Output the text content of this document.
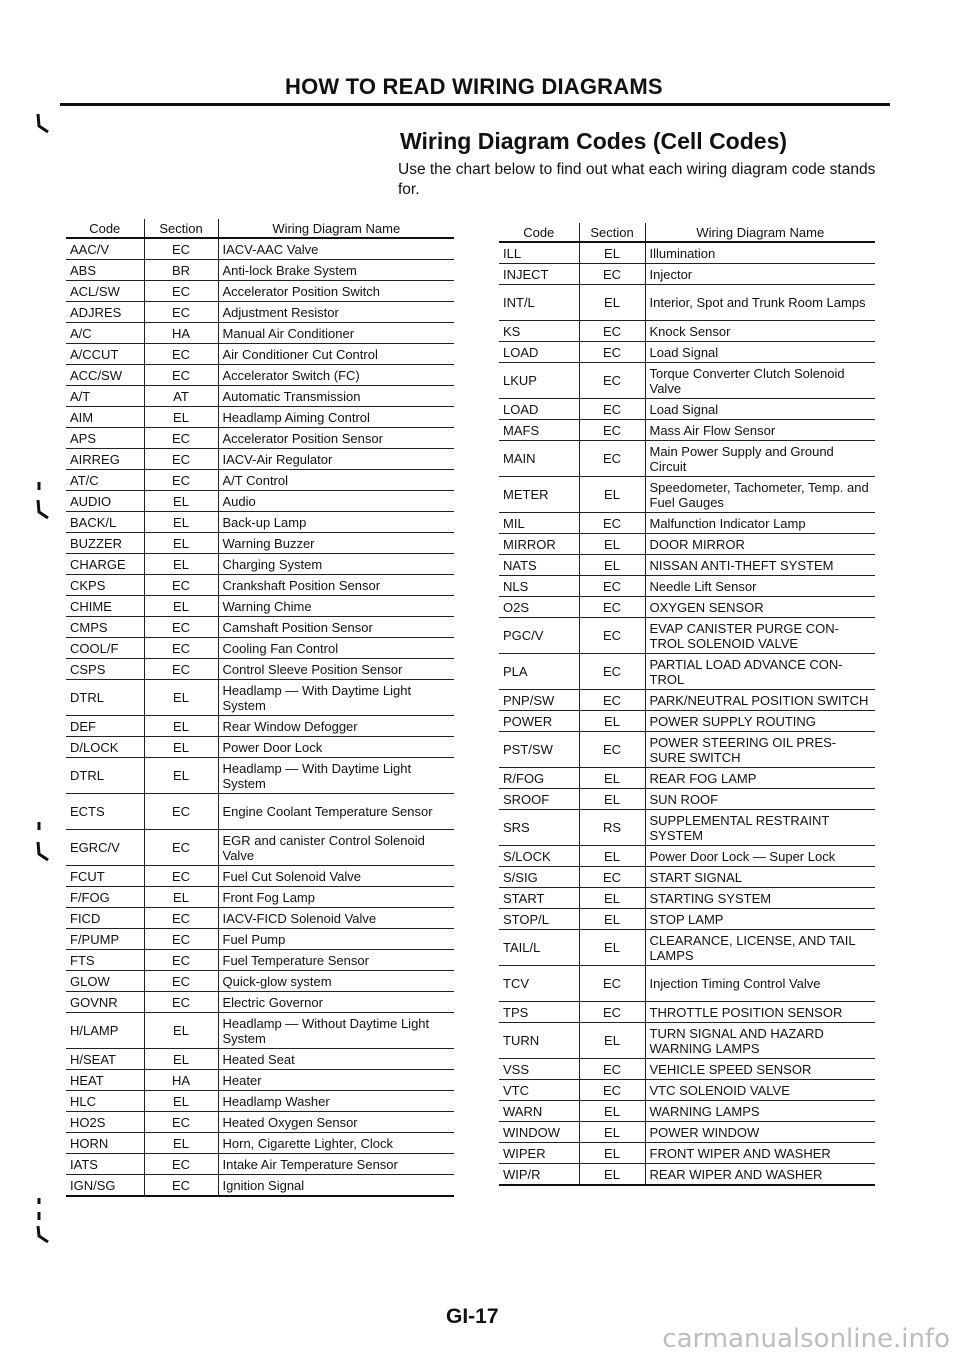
HOW TO READ WIRING DIAGRAMS
Wiring Diagram Codes (Cell Codes)
Use the chart below to find out what each wiring diagram code stands for.
Code	Section	Wiring Diagram Name
AAC/V	EC	IACV-AAC Valve
ABS	BR	Anti-lock Brake System
ACL/SW	EC	Accelerator Position Switch
ADJRES	EC	Adjustment Resistor
A/C	HA	Manual Air Conditioner
A/CCUT	EC	Air Conditioner Cut Control
ACC/SW	EC	Accelerator Switch (FC)
A/T	AT	Automatic Transmission
AIM	EL	Headlamp Aiming Control
APS	EC	Accelerator Position Sensor
AIRREG	EC	IACV-Air Regulator
AT/C	EC	A/T Control
AUDIO	EL	Audio
BACK/L	EL	Back-up Lamp
BUZZER	EL	Warning Buzzer
CHARGE	EL	Charging System
CKPS	EC	Crankshaft Position Sensor
CHIME	EL	Warning Chime
CMPS	EC	Camshaft Position Sensor
COOL/F	EC	Cooling Fan Control
CSPS	EC	Control Sleeve Position Sensor
DTRL	EL	Headlamp — With Daytime Light System
DEF	EL	Rear Window Defogger
D/LOCK	EL	Power Door Lock
DTRL	EL	Headlamp — With Daytime Light System
ECTS	EC	Engine Coolant Temperature Sensor
EGRC/V	EC	EGR and canister Control Solenoid Valve
FCUT	EC	Fuel Cut Solenoid Valve
F/FOG	EL	Front Fog Lamp
FICD	EC	IACV-FICD Solenoid Valve
F/PUMP	EC	Fuel Pump
FTS	EC	Fuel Temperature Sensor
GLOW	EC	Quick-glow system
GOVNR	EC	Electric Governor
H/LAMP	EL	Headlamp — Without Daytime Light System
H/SEAT	EL	Heated Seat
HEAT	HA	Heater
HLC	EL	Headlamp Washer
HO2S	EC	Heated Oxygen Sensor
HORN	EL	Horn, Cigarette Lighter, Clock
IATS	EC	Intake Air Temperature Sensor
IGN/SG	EC	Ignition Signal
Code	Section	Wiring Diagram Name
ILL	EL	Illumination
INJECT	EC	Injector
INT/L	EL	Interior, Spot and Trunk Room Lamps
KS	EC	Knock Sensor
LOAD	EC	Load Signal
LKUP	EC	Torque Converter Clutch Solenoid Valve
LOAD	EC	Load Signal
MAFS	EC	Mass Air Flow Sensor
MAIN	EC	Main Power Supply and Ground Circuit
METER	EL	Speedometer, Tachometer, Temp. and Fuel Gauges
MIL	EC	Malfunction Indicator Lamp
MIRROR	EL	DOOR MIRROR
NATS	EL	NISSAN ANTI-THEFT SYSTEM
NLS	EC	Needle Lift Sensor
O2S	EC	OXYGEN SENSOR
PGC/V	EC	EVAP CANISTER PURGE CON-TROL SOLENOID VALVE
PLA	EC	PARTIAL LOAD ADVANCE CON-TROL
PNP/SW	EC	PARK/NEUTRAL POSITION SWITCH
POWER	EL	POWER SUPPLY ROUTING
PST/SW	EC	POWER STEERING OIL PRES-SURE SWITCH
R/FOG	EL	REAR FOG LAMP
SROOF	EL	SUN ROOF
SRS	RS	SUPPLEMENTAL RESTRAINT SYSTEM
S/LOCK	EL	Power Door Lock — Super Lock
S/SIG	EC	START SIGNAL
START	EL	STARTING SYSTEM
STOP/L	EL	STOP LAMP
TAIL/L	EL	CLEARANCE, LICENSE, AND TAIL LAMPS
TCV	EC	Injection Timing Control Valve
TPS	EC	THROTTLE POSITION SENSOR
TURN	EL	TURN SIGNAL AND HAZARD WARNING LAMPS
VSS	EC	VEHICLE SPEED SENSOR
VTC	EC	VTC SOLENOID VALVE
WARN	EL	WARNING LAMPS
WINDOW	EL	POWER WINDOW
WIPER	EL	FRONT WIPER AND WASHER
WIP/R	EL	REAR WIPER AND WASHER
GI-17
carmanualsonline.info
